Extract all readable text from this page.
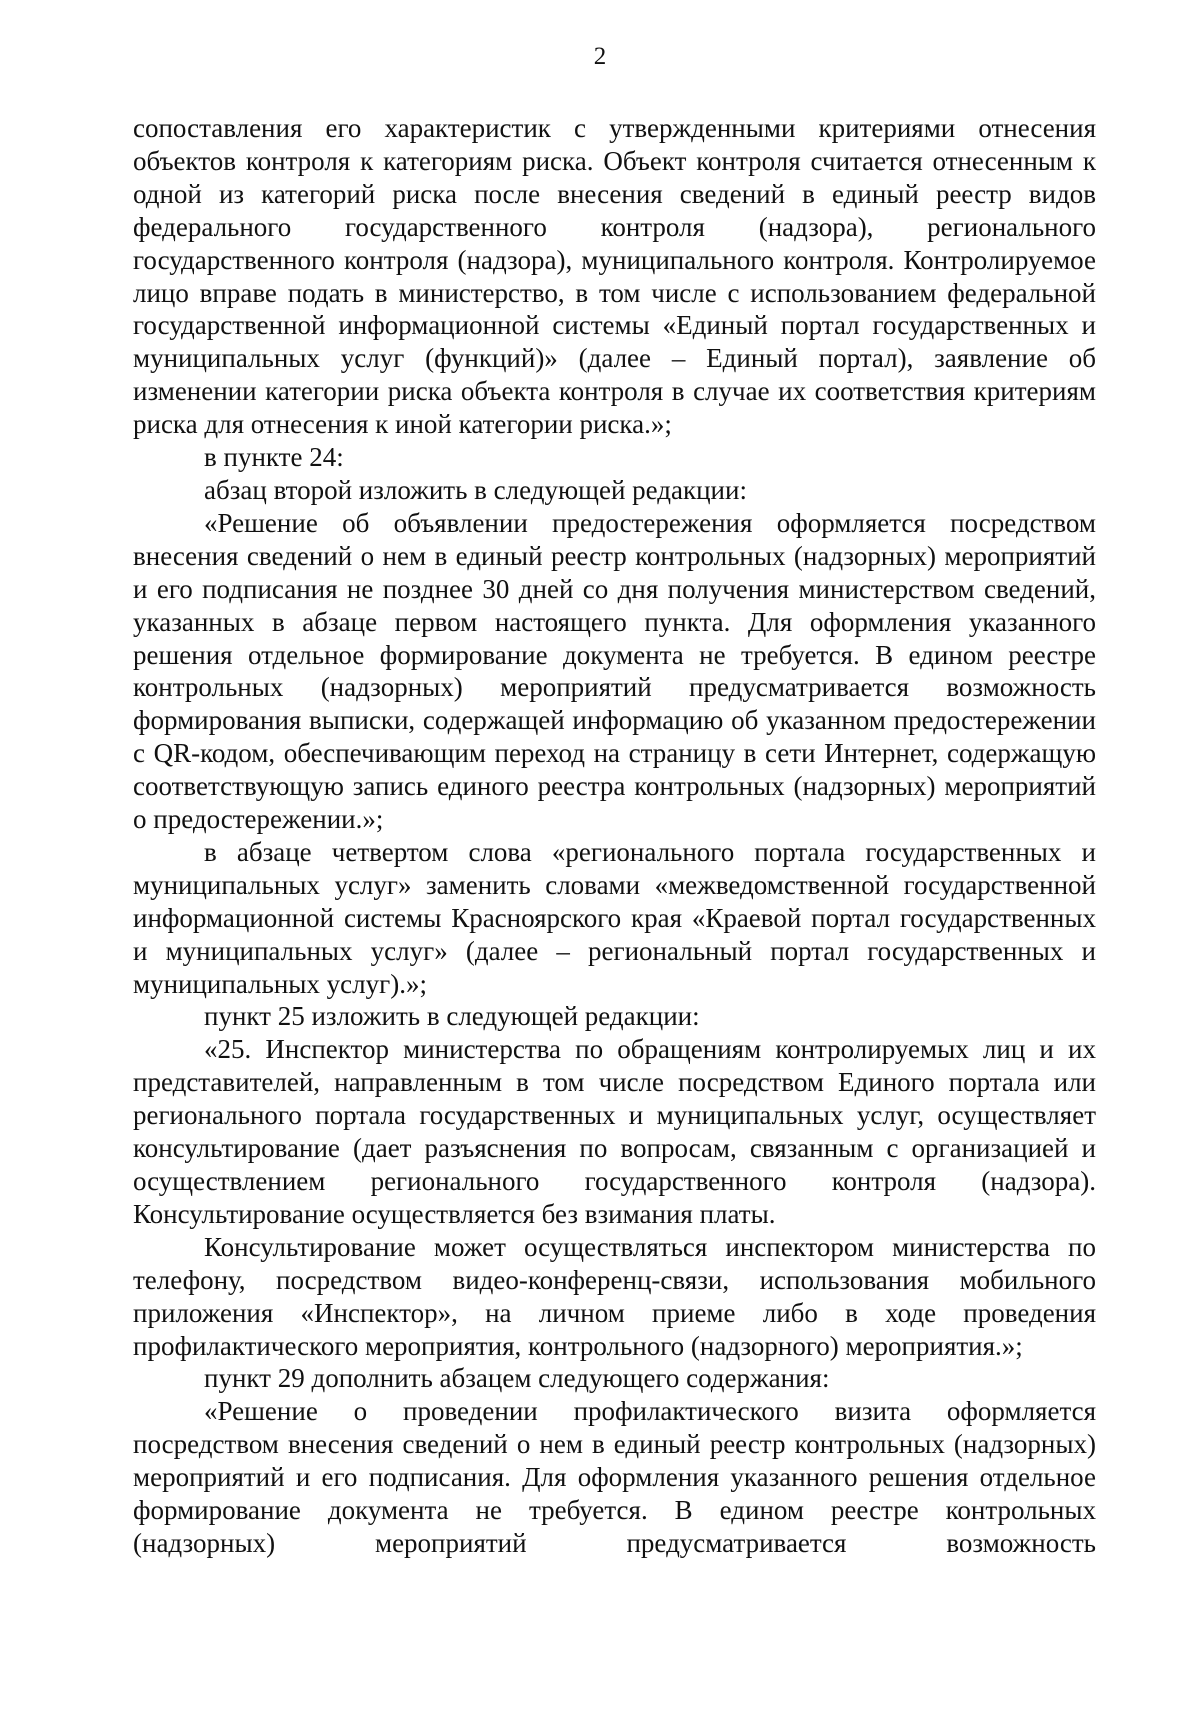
2

сопоставления его характеристик с утвержденными критериями отнесения объектов контроля к категориям риска. Объект контроля считается отнесенным к одной из категорий риска после внесения сведений в единый реестр видов федерального государственного контроля (надзора), регионального государственного контроля (надзора), муниципального контроля. Контролируемое лицо вправе подать в министерство, в том числе с использованием федеральной государственной информационной системы «Единый портал государственных и муниципальных услуг (функций)» (далее – Единый портал), заявление об изменении категории риска объекта контроля в случае их соответствия критериям риска для отнесения к иной категории риска.»;

в пункте 24:

абзац второй изложить в следующей редакции:

«Решение об объявлении предостережения оформляется посредством внесения сведений о нем в единый реестр контрольных (надзорных) мероприятий и его подписания не позднее 30 дней со дня получения министерством сведений, указанных в абзаце первом настоящего пункта. Для оформления указанного решения отдельное формирование документа не требуется. В едином реестре контрольных (надзорных) мероприятий предусматривается возможность формирования выписки, содержащей информацию об указанном предостережении с QR-кодом, обеспечивающим переход на страницу в сети Интернет, содержащую соответствующую запись единого реестра контрольных (надзорных) мероприятий о предостережении.»;

в абзаце четвертом слова «регионального портала государственных и муниципальных услуг» заменить словами «межведомственной государственной информационной системы Красноярского края «Краевой портал государственных и муниципальных услуг» (далее – региональный портал государственных и муниципальных услуг).»;

пункт 25 изложить в следующей редакции:

«25. Инспектор министерства по обращениям контролируемых лиц и их представителей, направленным в том числе посредством Единого портала или регионального портала государственных и муниципальных услуг, осуществляет консультирование (дает разъяснения по вопросам, связанным с организацией и осуществлением регионального государственного контроля (надзора). Консультирование осуществляется без взимания платы.

Консультирование может осуществляться инспектором министерства по телефону, посредством видео-конференц-связи, использования мобильного приложения «Инспектор», на личном приеме либо в ходе проведения профилактического мероприятия, контрольного (надзорного) мероприятия.»;

пункт 29 дополнить абзацем следующего содержания:

«Решение о проведении профилактического визита оформляется посредством внесения сведений о нем в единый реестр контрольных (надзорных) мероприятий и его подписания. Для оформления указанного решения отдельное формирование документа не требуется. В едином реестре контрольных (надзорных) мероприятий предусматривается возможность
